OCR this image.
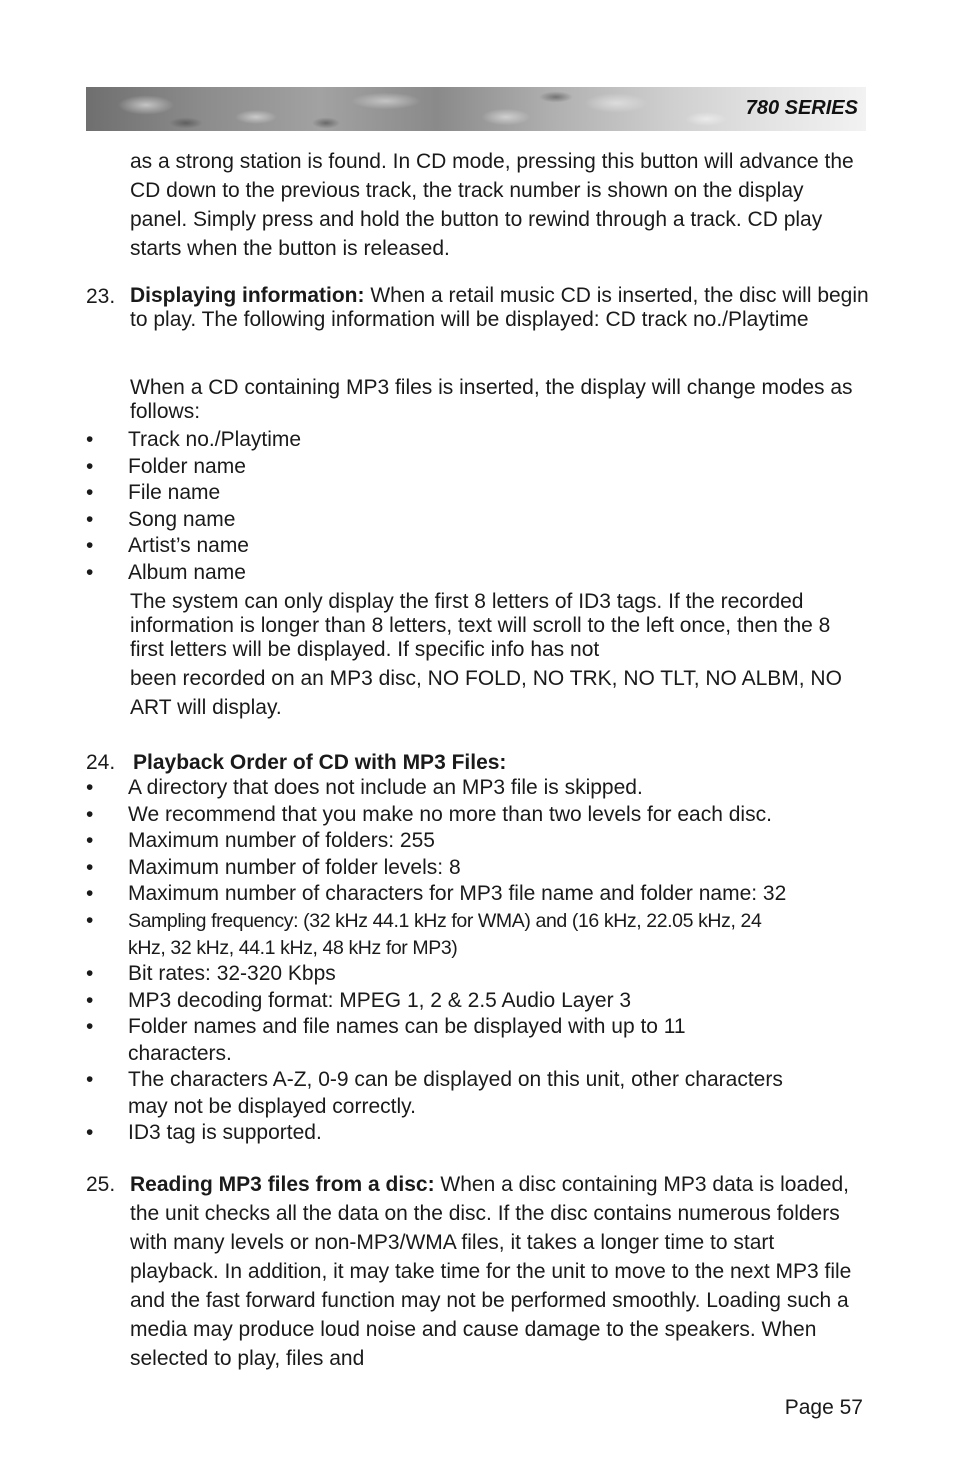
780 SERIES

as a strong station is found. In CD mode, pressing this button will advance the CD down to the previous track, the track number is shown on the display panel. Simply press and hold the button to rewind through a track. CD play starts when the button is released.

23. Displaying information: When a retail music CD is inserted, the disc will begin to play. The following information will be displayed: CD track no./Playtime

When a CD containing MP3 files is inserted, the display will change modes as follows:

• Track no./Playtime
• Folder name
• File name
• Song name
• Artist’s name
• Album name

The system can only display the first 8 letters of ID3 tags. If the recorded information is longer than 8 letters, text will scroll to the left once, then the 8 first letters will be displayed. If specific info has not

been recorded on an MP3 disc, NO FOLD, NO TRK, NO TLT, NO ALBM, NO ART will display.

24. Playback Order of CD with MP3 Files:
• A directory that does not include an MP3 file is skipped.
• We recommend that you make no more than two levels for each disc.
• Maximum number of folders: 255
• Maximum number of folder levels: 8
• Maximum number of characters for MP3 file name and folder name: 32
• Sampling frequency: (32 kHz 44.1 kHz for WMA) and (16 kHz, 22.05 kHz, 24 kHz, 32 kHz, 44.1 kHz, 48 kHz for MP3)
• Bit rates: 32-320 Kbps
• MP3 decoding format: MPEG 1, 2 & 2.5 Audio Layer 3
• Folder names and file names can be displayed with up to 11 characters.
• The characters A-Z, 0-9 can be displayed on this unit, other characters may not be displayed correctly.
• ID3 tag is supported.
25. Reading MP3 files from a disc: When a disc containing MP3 data is loaded, the unit checks all the data on the disc. If the disc contains numerous folders with many levels or non-MP3/WMA files, it takes a longer time to start playback. In addition, it may take time for the unit to move to the next MP3 file and the fast forward function may not be performed smoothly. Loading such a media may produce loud noise and cause damage to the speakers. When selected to play, files and

Page 57
